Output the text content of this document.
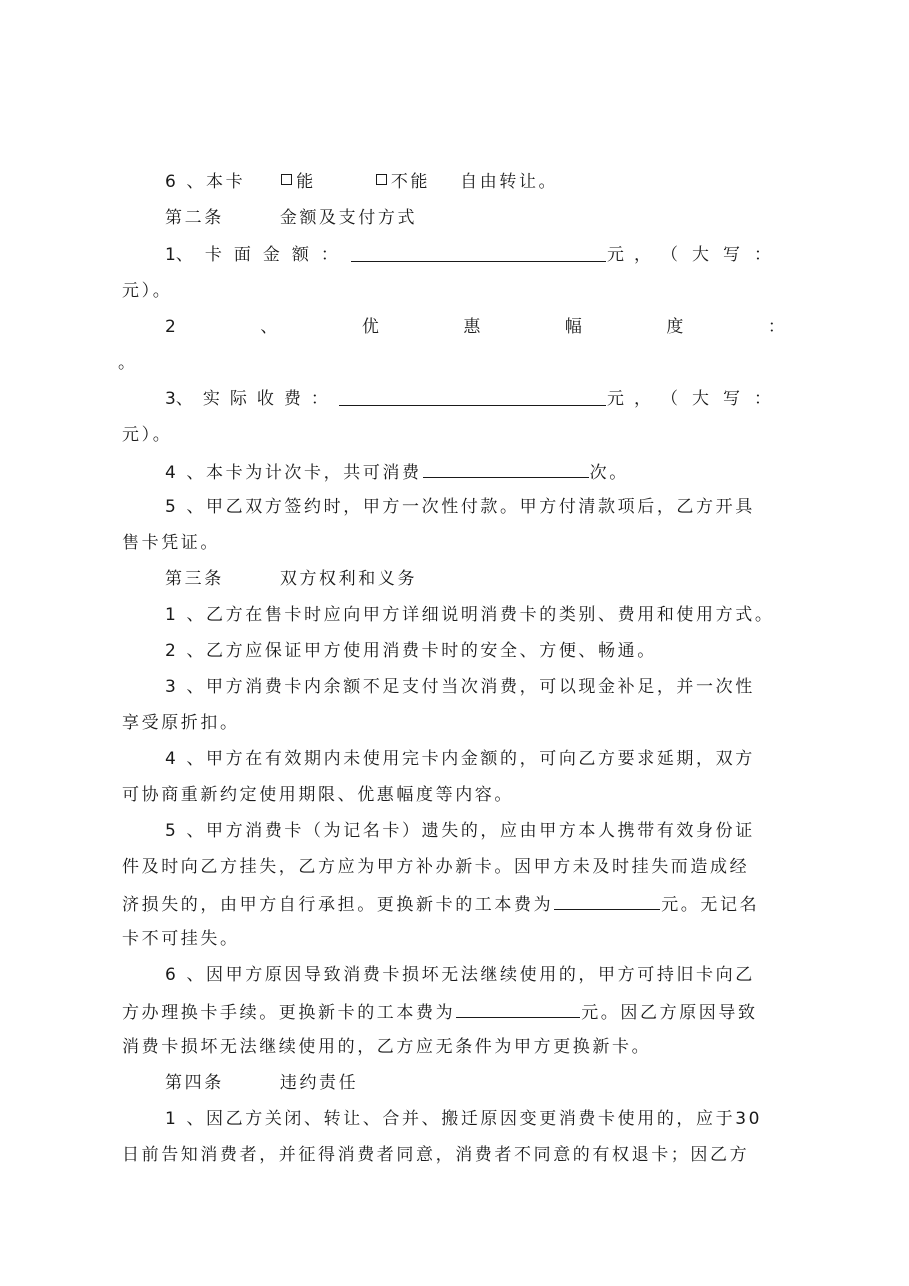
6 、本卡	能	不能 自由转让。
第二条	金额及支付方式
1 、卡面金额：	元， （大写：
元）。
2	、	优	惠	幅	度	：
。
3 、实际收费：	元， （大写：
元）。
4 、本卡为计次卡，共可消费	次。
5 、甲乙双方签约时，甲方一次性付款。甲方付清款项后，乙方开具
售卡凭证。
第三条	双方权利和义务
1 、乙方在售卡时应向甲方详细说明消费卡的类别、费用和使用方式。
2 、乙方应保证甲方使用消费卡时的安全、方便、畅通。
3 、甲方消费卡内余额不足支付当次消费，可以现金补足，并一次性
享受原折扣。
4 、甲方在有效期内未使用完卡内金额的，可向乙方要求延期，双方
可协商重新约定使用期限、优惠幅度等内容。
5 、甲方消费卡（为记名卡）遗失的，应由甲方本人携带有效身份证
件及时向乙方挂失，乙方应为甲方补办新卡。因甲方未及时挂失而造成经
济损失的，由甲方自行承担。更换新卡的工本费为	元。无记名
卡不可挂失。
6 、因甲方原因导致消费卡损坏无法继续使用的，甲方可持旧卡向乙
方办理换卡手续。更换新卡的工本费为	元。因乙方原因导致
消费卡损坏无法继续使用的，乙方应无条件为甲方更换新卡。
第四条	违约责任
1 、因乙方关闭、转让、合并、搬迁原因变更消费卡使用的，应于30
日前告知消费者，并征得消费者同意，消费者不同意的有权退卡；因乙方
